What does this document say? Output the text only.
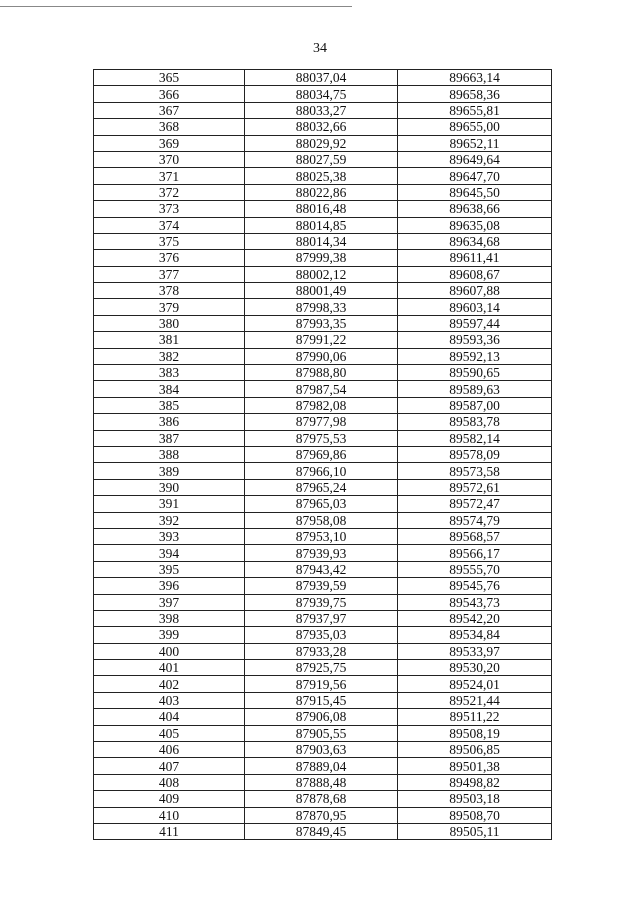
34
365	88037,04	89663,14
366	88034,75	89658,36
367	88033,27	89655,81
368	88032,66	89655,00
369	88029,92	89652,11
370	88027,59	89649,64
371	88025,38	89647,70
372	88022,86	89645,50
373	88016,48	89638,66
374	88014,85	89635,08
375	88014,34	89634,68
376	87999,38	89611,41
377	88002,12	89608,67
378	88001,49	89607,88
379	87998,33	89603,14
380	87993,35	89597,44
381	87991,22	89593,36
382	87990,06	89592,13
383	87988,80	89590,65
384	87987,54	89589,63
385	87982,08	89587,00
386	87977,98	89583,78
387	87975,53	89582,14
388	87969,86	89578,09
389	87966,10	89573,58
390	87965,24	89572,61
391	87965,03	89572,47
392	87958,08	89574,79
393	87953,10	89568,57
394	87939,93	89566,17
395	87943,42	89555,70
396	87939,59	89545,76
397	87939,75	89543,73
398	87937,97	89542,20
399	87935,03	89534,84
400	87933,28	89533,97
401	87925,75	89530,20
402	87919,56	89524,01
403	87915,45	89521,44
404	87906,08	89511,22
405	87905,55	89508,19
406	87903,63	89506,85
407	87889,04	89501,38
408	87888,48	89498,82
409	87878,68	89503,18
410	87870,95	89508,70
411	87849,45	89505,11
